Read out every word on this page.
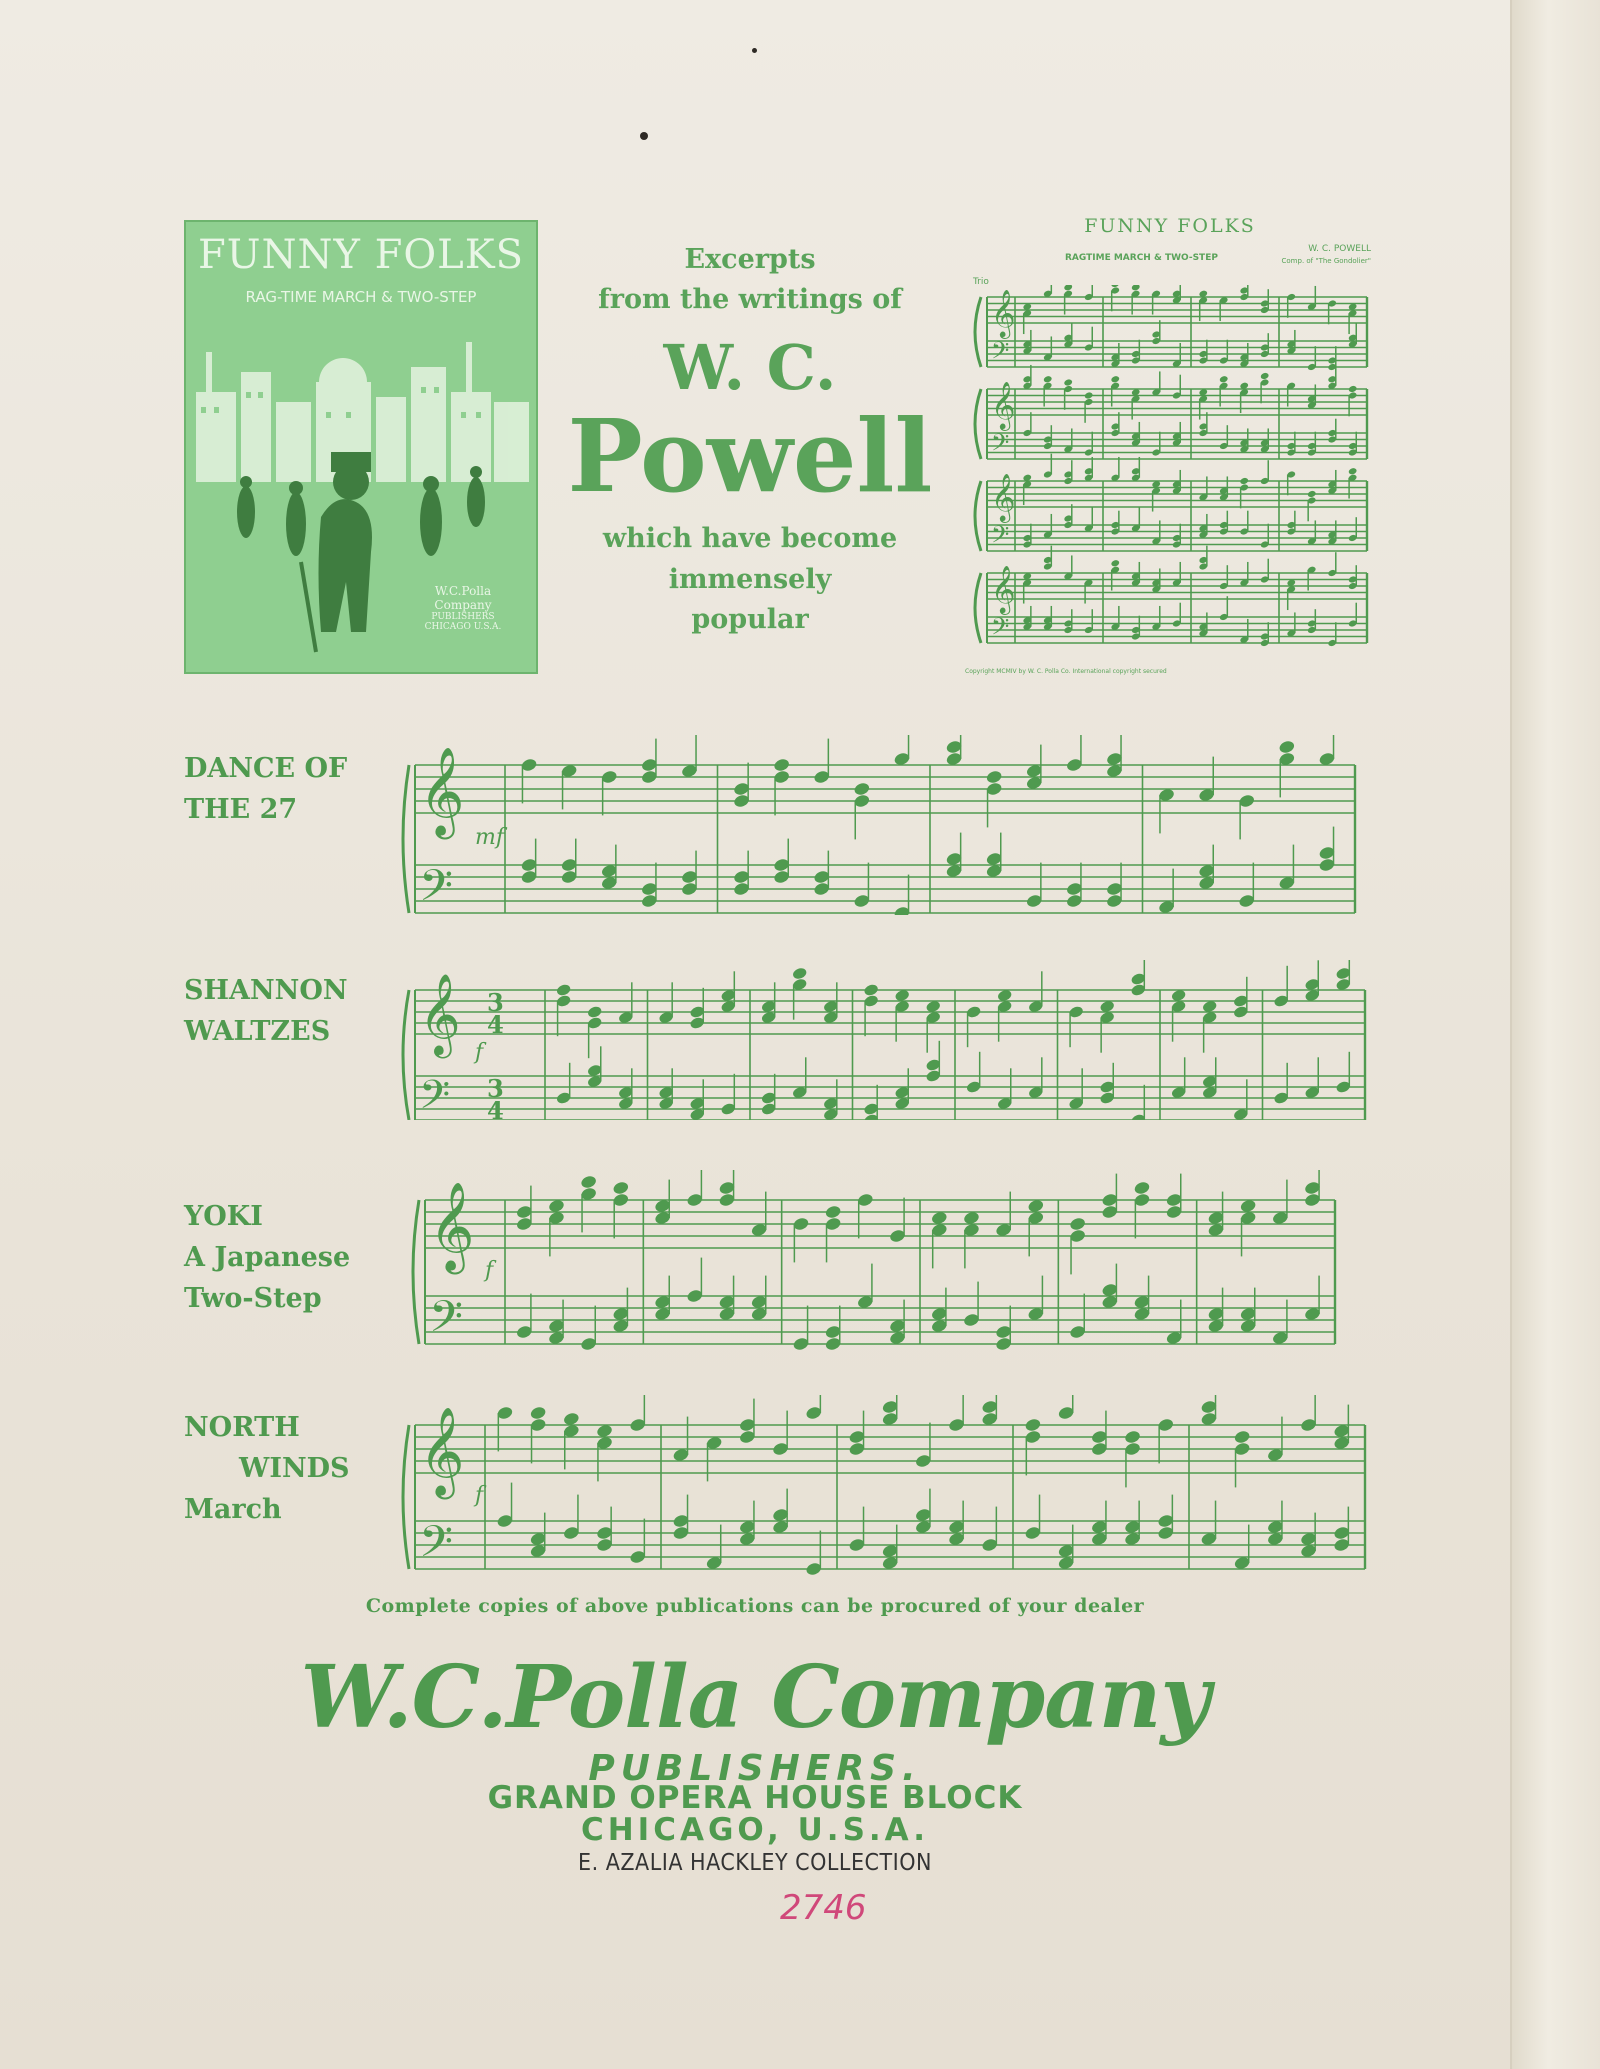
FUNNY FOLKS
RAG-TIME MARCH & TWO-STEP
W.C.Polla Company
PUBLISHERS CHICAGO U.S.A.
Excerpts
from the writings of
W. C.
Powell
which have become
immensely
popular
FUNNY FOLKS
RAGTIME MARCH & TWO-STEP
W. C. POWELL
Comp. of "The Gondolier"
Trio
𝄞
𝄢
𝄞
𝄢
𝄞
𝄢
𝄞
𝄢
Copyright MCMIV by W. C. Polla Co. International copyright secured
DANCE OF
THE 27	𝄞
𝄢
mf
SHANNON
WALTZES 𝄞
𝄢
f
3
4
3
4
YOKI
A Japanese
Two-Step
𝄞
𝄢
f
NORTH
WINDS
March
𝄞
𝄢
f
Complete copies of above publications can be procured of your dealer
W.C.Polla Company
PUBLISHERS.
GRAND OPERA HOUSE BLOCK
CHICAGO, U.S.A.
E. AZALIA HACKLEY COLLECTION
2746
